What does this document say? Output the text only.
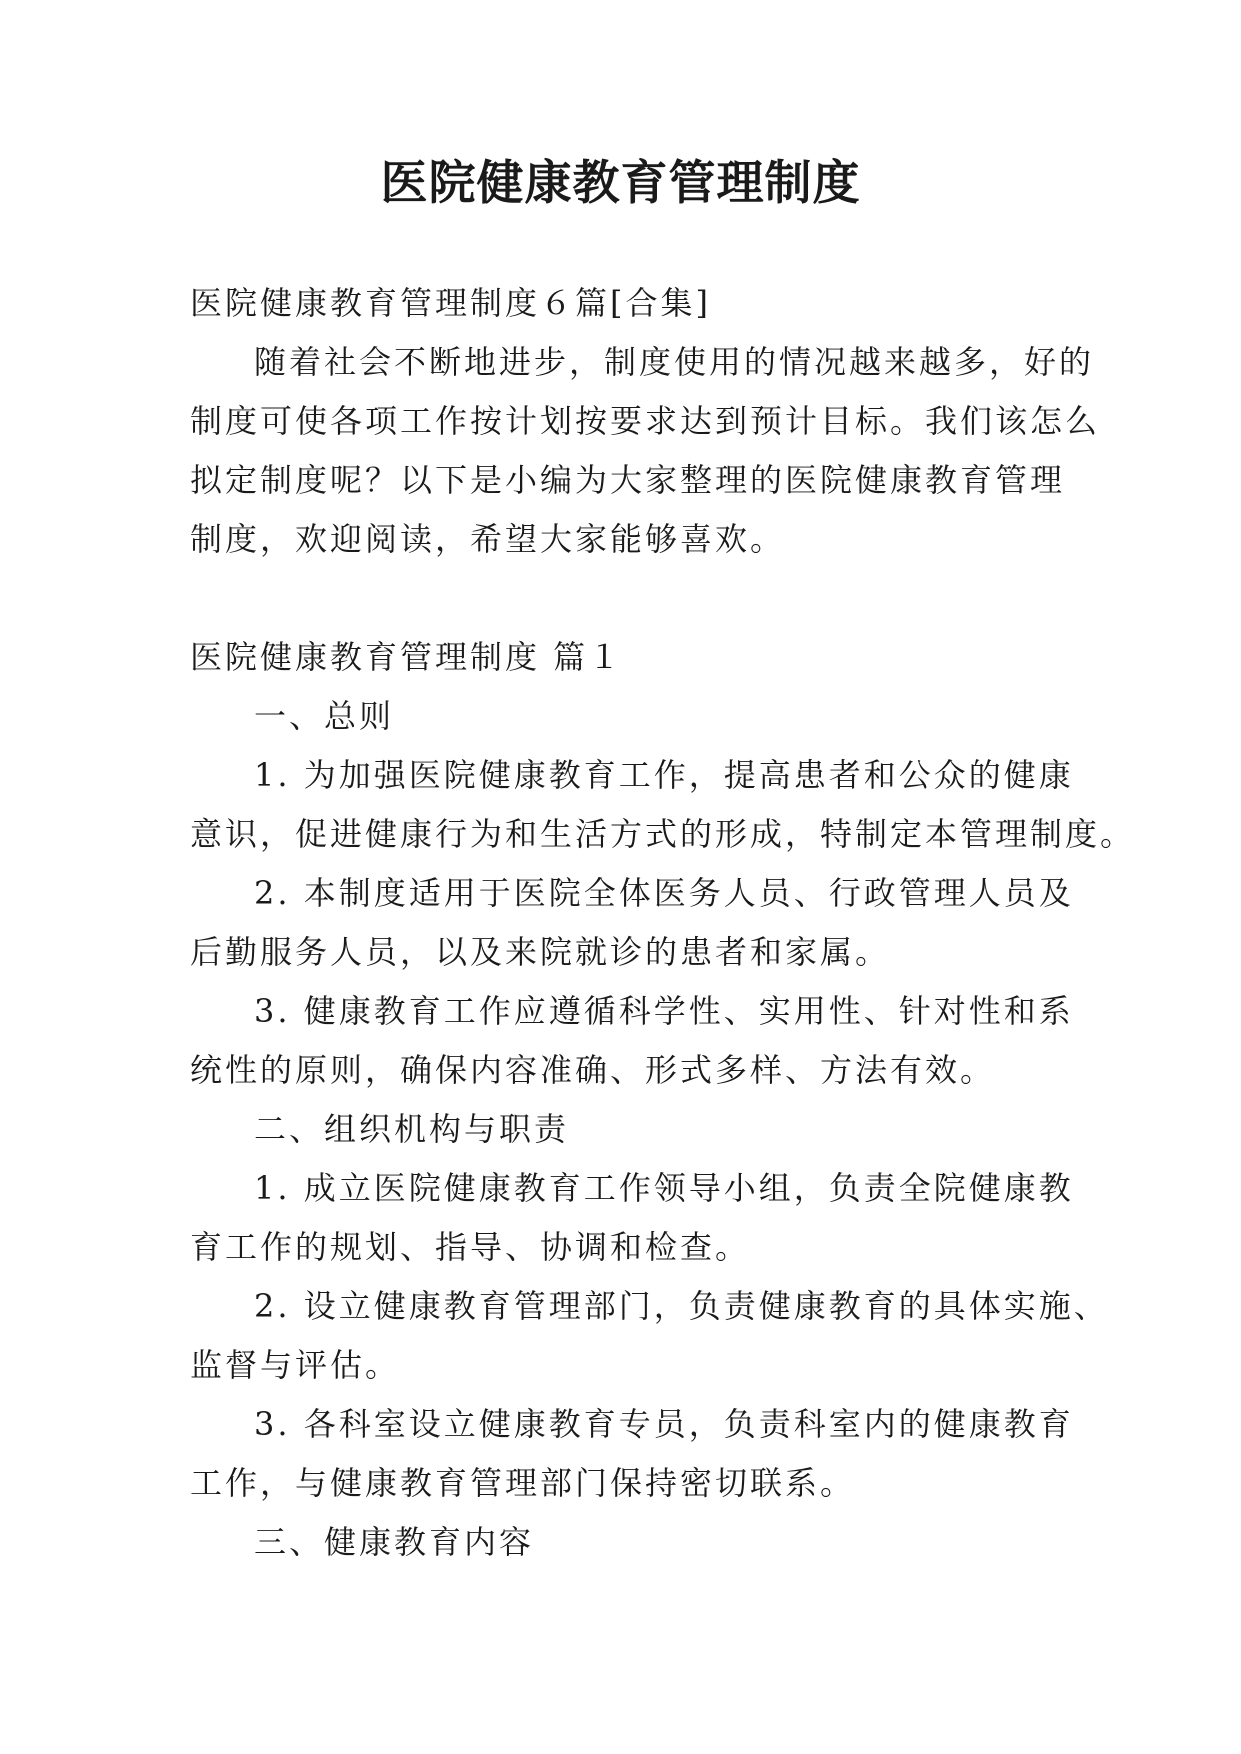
医院健康教育管理制度
医院健康教育管理制度６篇[合集]
随着社会不断地进步，制度使用的情况越来越多，好的
制度可使各项工作按计划按要求达到预计目标。我们该怎么
拟定制度呢？以下是小编为大家整理的医院健康教育管理
制度，欢迎阅读，希望大家能够喜欢。
医院健康教育管理制度 篇１
一、总则
1. 为加强医院健康教育工作，提高患者和公众的健康
意识，促进健康行为和生活方式的形成，特制定本管理制度。
2. 本制度适用于医院全体医务人员、行政管理人员及
后勤服务人员，以及来院就诊的患者和家属。
3. 健康教育工作应遵循科学性、实用性、针对性和系
统性的原则，确保内容准确、形式多样、方法有效。
二、组织机构与职责
1. 成立医院健康教育工作领导小组，负责全院健康教
育工作的规划、指导、协调和检查。
2. 设立健康教育管理部门，负责健康教育的具体实施、
监督与评估。
3. 各科室设立健康教育专员，负责科室内的健康教育
工作，与健康教育管理部门保持密切联系。
三、健康教育内容
